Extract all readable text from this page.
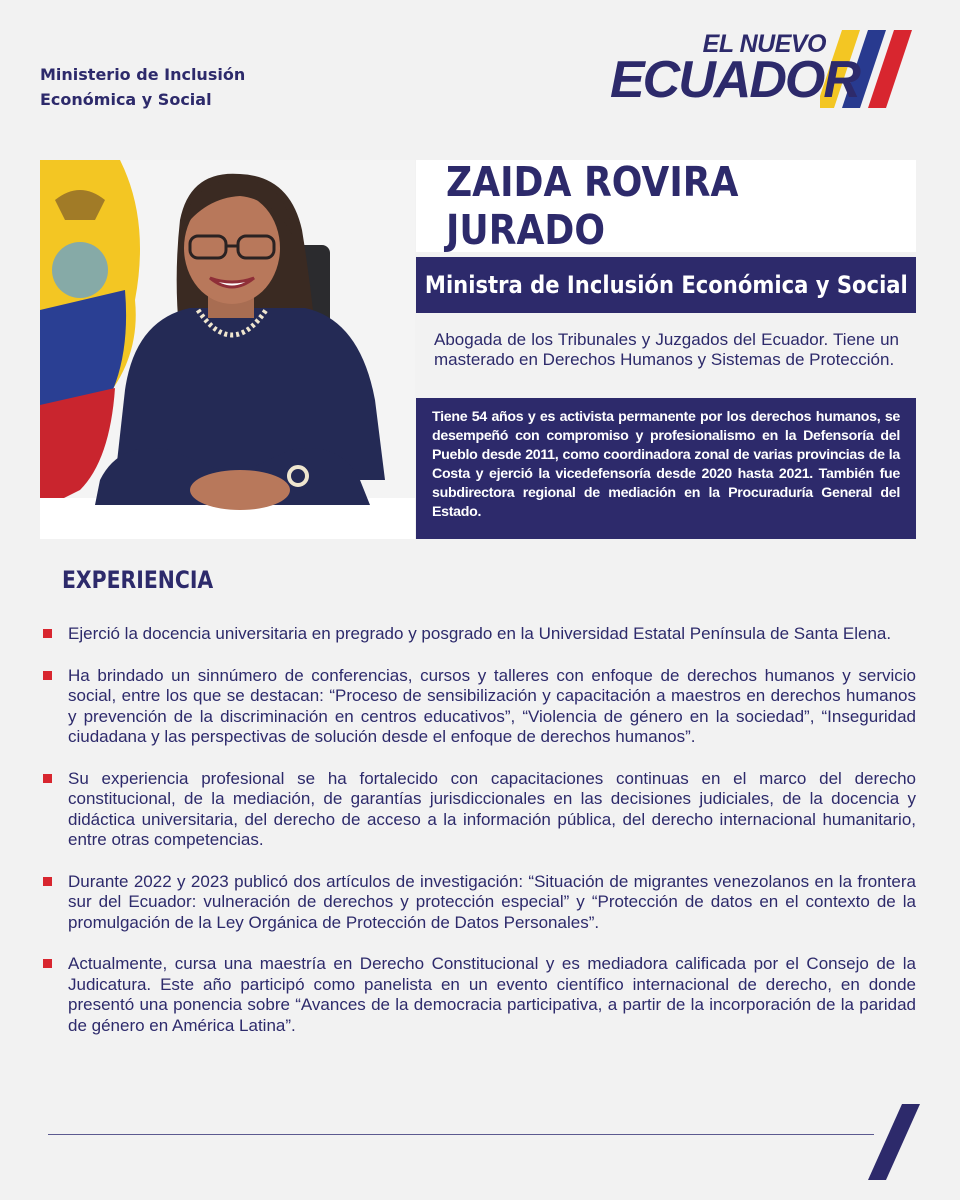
Ministerio de Inclusión
Económica y Social
EL NUEVO
ECUADOR
ZAIDA ROVIRA JURADO
Ministra de Inclusión Económica y Social
Abogada de los Tribunales y Juzgados del Ecuador. Tiene un masterado en Derechos Humanos y Sistemas de Protección.
Tiene 54 años y es activista permanente por los derechos humanos, se desempeñó con compromiso y profesionalismo en la Defensoría del Pueblo desde 2011, como coordinadora zonal de varias provincias de la Costa y ejerció la vicedefensoría desde 2020 hasta 2021. También fue subdirectora regional de mediación en la Procuraduría General del Estado.
EXPERIENCIA
Ejerció la docencia universitaria en pregrado y posgrado en la Universidad Estatal Península de Santa Elena.
Ha brindado un sinnúmero de conferencias, cursos y talleres con enfoque de derechos humanos y servicio social, entre los que se destacan: “Proceso de sensibilización y capacitación a maestros en derechos humanos y prevención de la discriminación en centros educativos”, “Violencia de género en la sociedad”, “Inseguridad ciudadana y las perspectivas de solución desde el enfoque de derechos humanos”.
Su experiencia profesional se ha fortalecido con capacitaciones continuas en el marco del derecho constitucional, de la mediación, de garantías jurisdiccionales en las decisiones judiciales, de la docencia y didáctica universitaria, del derecho de acceso a la información pública, del derecho internacional humanitario, entre otras competencias.
Durante 2022 y 2023 publicó dos artículos de investigación: “Situación de migrantes venezolanos en la frontera sur del Ecuador: vulneración de derechos y protección especial” y “Protección de datos en el contexto de la promulgación de la Ley Orgánica de Protección de Datos Personales”.
Actualmente, cursa una maestría en Derecho Constitucional y es mediadora calificada por el Consejo de la Judicatura. Este año participó como panelista en un evento científico internacional de derecho, en donde presentó una ponencia sobre “Avances de la democracia participativa, a partir de la incorporación de la paridad de género en América Latina”.
